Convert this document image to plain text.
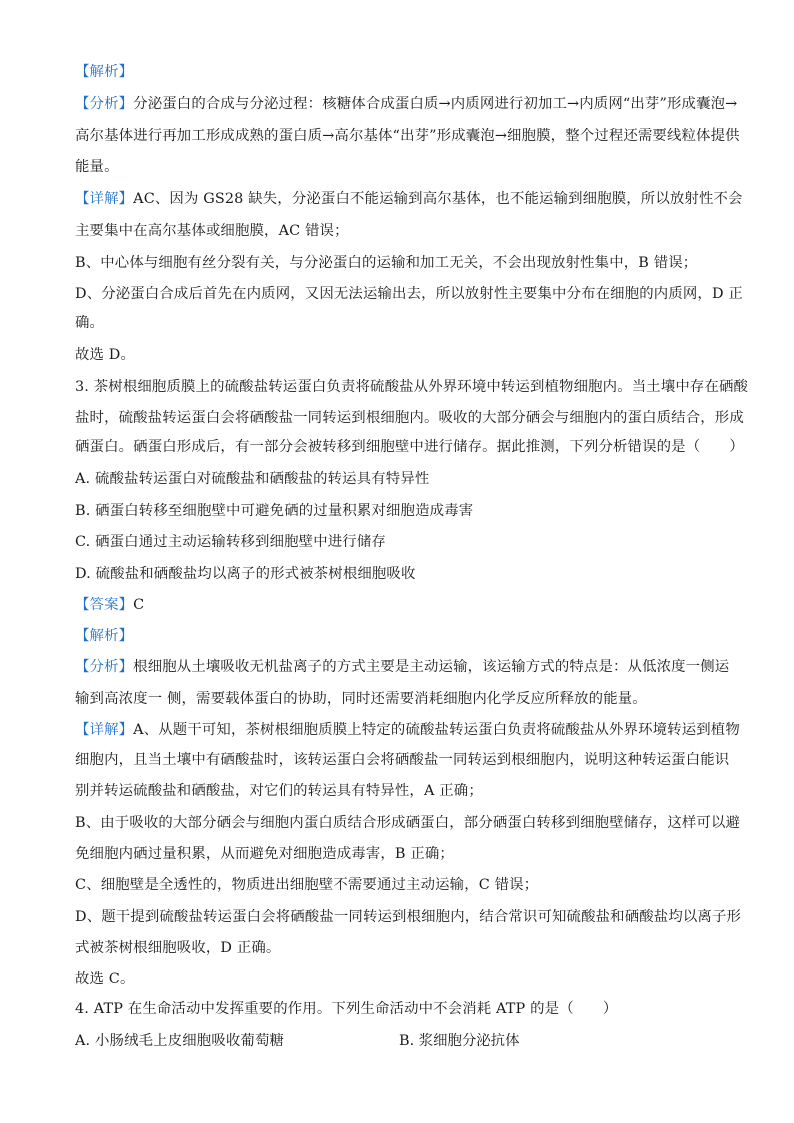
【解析】
【分析】分泌蛋白的合成与分泌过程：核糖体合成蛋白质→内质网进行初加工→内质网“出芽”形成囊泡→
高尔基体进行再加工形成成熟的蛋白质→高尔基体“出芽”形成囊泡→细胞膜，整个过程还需要线粒体提供
能量。
【详解】AC、因为 GS28 缺失，分泌蛋白不能运输到高尔基体，也不能运输到细胞膜，所以放射性不会
主要集中在高尔基体或细胞膜，AC 错误；
B、中心体与细胞有丝分裂有关，与分泌蛋白的运输和加工无关，不会出现放射性集中，B 错误；
D、分泌蛋白合成后首先在内质网，又因无法运输出去，所以放射性主要集中分布在细胞的内质网，D 正
确。
故选 D。
3. 茶树根细胞质膜上的硫酸盐转运蛋白负责将硫酸盐从外界环境中转运到植物细胞内。当土壤中存在硒酸
盐时，硫酸盐转运蛋白会将硒酸盐一同转运到根细胞内。吸收的大部分硒会与细胞内的蛋白质结合，形成
硒蛋白。硒蛋白形成后，有一部分会被转移到细胞壁中进行储存。据此推测，下列分析错误的是（　　）
A. 硫酸盐转运蛋白对硫酸盐和硒酸盐的转运具有特异性
B. 硒蛋白转移至细胞壁中可避免硒的过量积累对细胞造成毒害
C. 硒蛋白通过主动运输转移到细胞壁中进行储存
D. 硫酸盐和硒酸盐均以离子的形式被茶树根细胞吸收
【答案】C
【解析】
【分析】根细胞从土壤吸收无机盐离子的方式主要是主动运输，该运输方式的特点是：从低浓度一侧运
输到高浓度一 侧，需要载体蛋白的协助，同时还需要消耗细胞内化学反应所释放的能量。
【详解】A、从题干可知，茶树根细胞质膜上特定的硫酸盐转运蛋白负责将硫酸盐从外界环境转运到植物
细胞内，且当土壤中有硒酸盐时，该转运蛋白会将硒酸盐一同转运到根细胞内，说明这种转运蛋白能识
别并转运硫酸盐和硒酸盐，对它们的转运具有特异性，A 正确；
B、由于吸收的大部分硒会与细胞内蛋白质结合形成硒蛋白，部分硒蛋白转移到细胞壁储存，这样可以避
免细胞内硒过量积累，从而避免对细胞造成毒害，B 正确；
C、细胞壁是全透性的，物质进出细胞壁不需要通过主动运输，C 错误；
D、题干提到硫酸盐转运蛋白会将硒酸盐一同转运到根细胞内，结合常识可知硫酸盐和硒酸盐均以离子形
式被茶树根细胞吸收，D 正确。
故选 C。
4. ATP 在生命活动中发挥重要的作用。下列生命活动中不会消耗 ATP 的是（　　）
A. 小肠绒毛上皮细胞吸收葡萄糖	B. 浆细胞分泌抗体
